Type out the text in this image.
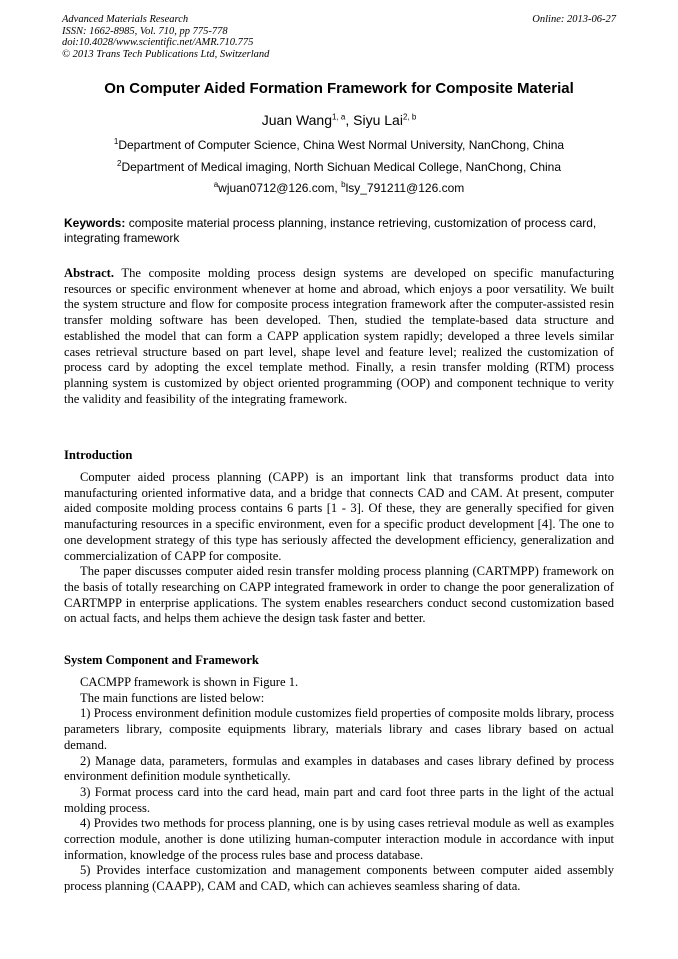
Advanced Materials Research
ISSN: 1662-8985, Vol. 710, pp 775-778
doi:10.4028/www.scientific.net/AMR.710.775
© 2013 Trans Tech Publications Ltd, Switzerland
Online: 2013-06-27
On Computer Aided Formation Framework for Composite Material
Juan Wang$^{1, a}$, Siyu Lai$^{2, b}$
$^1$Department of Computer Science, China West Normal University, NanChong, China
$^2$Department of Medical imaging, North Sichuan Medical College, NanChong, China
$^a$wjuan0712@126.com, $^b$lsy_791211@126.com
Keywords: composite material process planning, instance retrieving, customization of process card, integrating framework

Abstract. The composite molding process design systems are developed on specific manufacturing resources or specific environment whenever at home and abroad, which enjoys a poor versatility. We built the system structure and flow for composite process integration framework after the computer-assisted resin transfer molding software has been developed. Then, studied the template-based data structure and established the model that can form a CAPP application system rapidly; developed a three levels similar cases retrieval structure based on part level, shape level and feature level; realized the customization of process card by adopting the excel template method. Finally, a resin transfer molding (RTM) process planning system is customized by object oriented programming (OOP) and component technique to verity the validity and feasibility of the integrating framework.

Introduction

Computer aided process planning (CAPP) is an important link that transforms product data into manufacturing oriented informative data, and a bridge that connects CAD and CAM. At present, computer aided composite molding process contains 6 parts [1 - 3]. Of these, they are generally specified for given manufacturing resources in a specific environment, even for a specific product development [4]. The one to one development strategy of this type has seriously affected the development efficiency, generalization and commercialization of CAPP for composite.

The paper discusses computer aided resin transfer molding process planning (CARTMPP) framework on the basis of totally researching on CAPP integrated framework in order to change the poor generalization of CARTMPP in enterprise applications. The system enables researchers conduct second customization based on actual facts, and helps them achieve the design task faster and better.

System Component and Framework

CACMPP framework is shown in Figure 1.

The main functions are listed below:

1) Process environment definition module customizes field properties of composite molds library, process parameters library, composite equipments library, materials library and cases library based on actual demand.

2) Manage data, parameters, formulas and examples in databases and cases library defined by process environment definition module synthetically.

3) Format process card into the card head, main part and card foot three parts in the light of the actual molding process.

4) Provides two methods for process planning, one is by using cases retrieval module as well as examples correction module, another is done utilizing human-computer interaction module in accordance with input information, knowledge of the process rules base and process database.

5) Provides interface customization and management components between computer aided assembly process planning (CAAPP), CAM and CAD, which can achieves seamless sharing of data.
